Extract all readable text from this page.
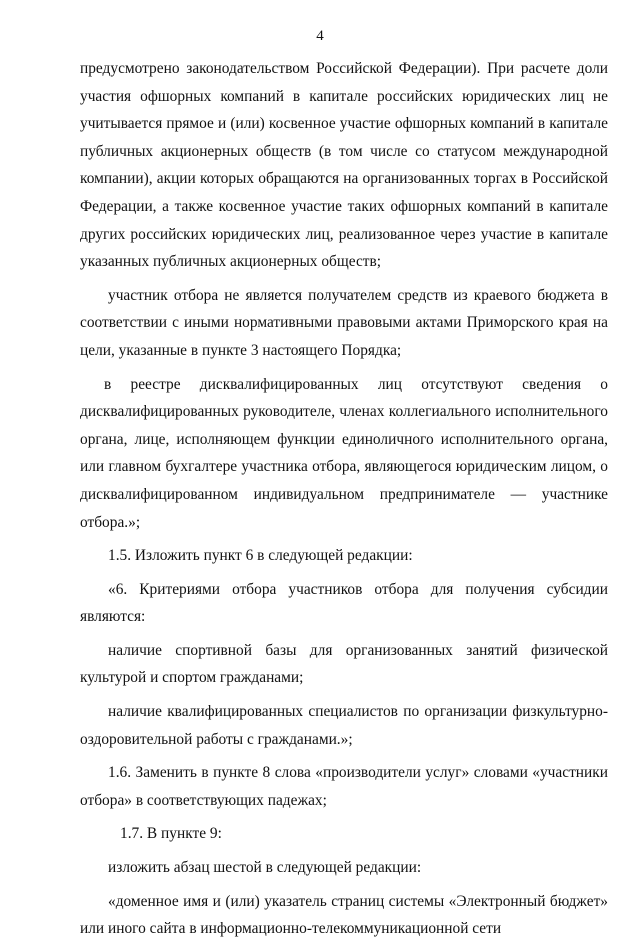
4

предусмотрено законодательством Российской Федерации). При расчете доли участия офшорных компаний в капитале российских юридических лиц не учитывается прямое и (или) косвенное участие офшорных компаний в капитале публичных акционерных обществ (в том числе со статусом международной компании), акции которых обращаются на организованных торгах в Российской Федерации, а также косвенное участие таких офшорных компаний в капитале других российских юридических лиц, реализованное через участие в капитале указанных публичных акционерных обществ;

участник отбора не является получателем средств из краевого бюджета в соответствии с иными нормативными правовыми актами Приморского края на цели, указанные в пункте 3 настоящего Порядка;

в реестре дисквалифицированных лиц отсутствуют сведения о дисквалифицированных руководителе, членах коллегиального исполнительного органа, лице, исполняющем функции единоличного исполнительного органа, или главном бухгалтере участника отбора, являющегося юридическим лицом, о дисквалифицированном индивидуальном предпринимателе — участнике отбора.»;

1.5. Изложить пункт 6 в следующей редакции:

«6. Критериями отбора участников отбора для получения субсидии являются:

наличие спортивной базы для организованных занятий физической культурой и спортом гражданами;

наличие квалифицированных специалистов по организации физкультурно-оздоровительной работы с гражданами.»;

1.6. Заменить в пункте 8 слова «производители услуг» словами «участники отбора» в соответствующих падежах;

1.7. В пункте 9:

изложить абзац шестой в следующей редакции:

«доменное имя и (или) указатель страниц системы «Электронный бюджет» или иного сайта в информационно-телекоммуникационной сети
